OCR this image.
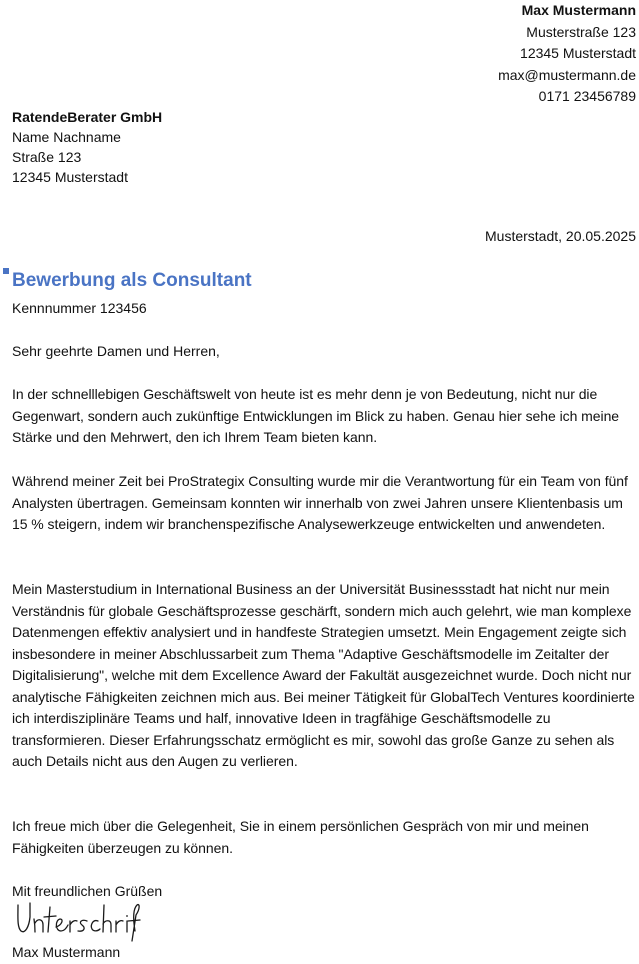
Max Mustermann
Musterstraße 123
12345 Musterstadt
max@mustermann.de
0171 23456789
RatendeBerater GmbH
Name Nachname
Straße 123
12345 Musterstadt
Musterstadt, 20.05.2025
Bewerbung als Consultant
Kennnummer 123456
Sehr geehrte Damen und Herren,

In der schnelllebigen Geschäftswelt von heute ist es mehr denn je von Bedeutung, nicht nur die Gegenwart, sondern auch zukünftige Entwicklungen im Blick zu haben. Genau hier sehe ich meine Stärke und den Mehrwert, den ich Ihrem Team bieten kann.

Während meiner Zeit bei ProStrategix Consulting wurde mir die Verantwortung für ein Team von fünf Analysten übertragen. Gemeinsam konnten wir innerhalb von zwei Jahren unsere Klientenbasis um 15 % steigern, indem wir branchenspezifische Analysewerkzeuge entwickelten und anwendeten.

Mein Masterstudium in International Business an der Universität Businessstadt hat nicht nur mein Verständnis für globale Geschäftsprozesse geschärft, sondern mich auch gelehrt, wie man komplexe Datenmengen effektiv analysiert und in handfeste Strategien umsetzt. Mein Engagement zeigte sich insbesondere in meiner Abschlussarbeit zum Thema "Adaptive Geschäftsmodelle im Zeitalter der Digitalisierung", welche mit dem Excellence Award der Fakultät ausgezeichnet wurde. Doch nicht nur analytische Fähigkeiten zeichnen mich aus. Bei meiner Tätigkeit für GlobalTech Ventures koordinierte ich interdisziplinäre Teams und half, innovative Ideen in tragfähige Geschäftsmodelle zu transformieren. Dieser Erfahrungsschatz ermöglicht es mir, sowohl das große Ganze zu sehen als auch Details nicht aus den Augen zu verlieren.

Ich freue mich über die Gelegenheit, Sie in einem persönlichen Gespräch von mir und meinen Fähigkeiten überzeugen zu können.

Mit freundlichen Grüßen
Max Mustermann
